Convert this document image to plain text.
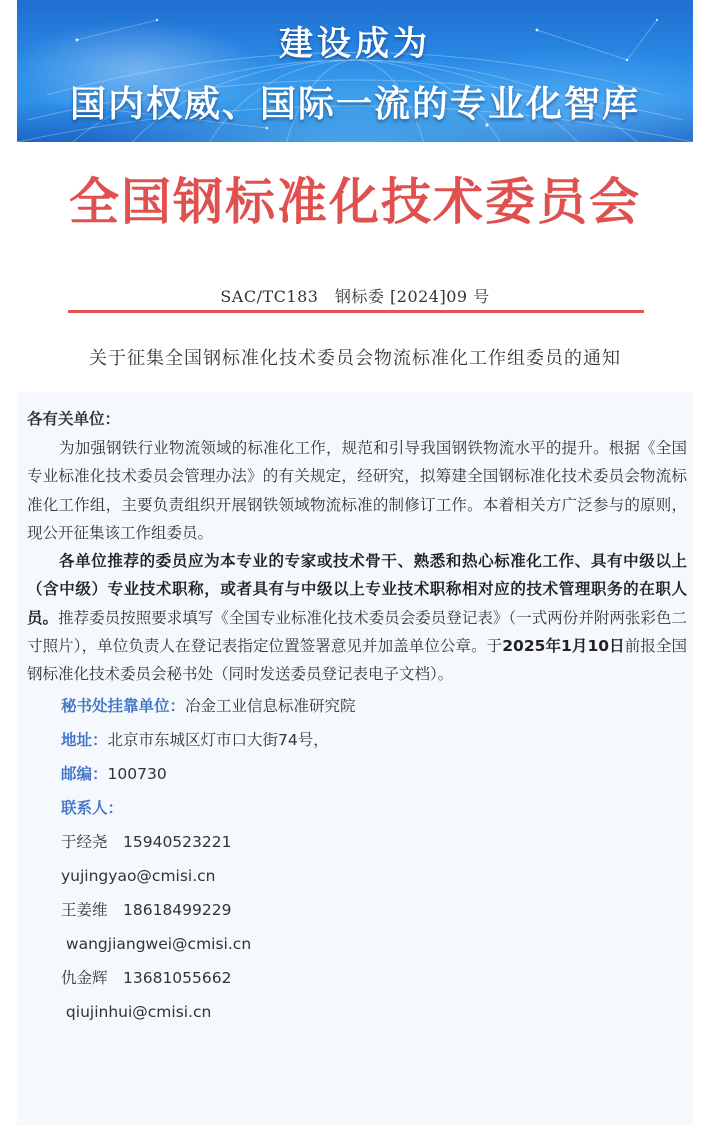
建设成为
国内权威、国际一流的专业化智库
全国钢标准化技术委员会
SAC/TC183　钢标委 [2024]09 号
关于征集全国钢标准化技术委员会物流标准化工作组委员的通知
各有关单位：

为加强钢铁行业物流领域的标准化工作，规范和引导我国钢铁物流水平的提升。根据《全国专业标准化技术委员会管理办法》的有关规定，经研究，拟筹建全国钢标准化技术委员会物流标准化工作组，主要负责组织开展钢铁领域物流标准的制修订工作。本着相关方广泛参与的原则，现公开征集该工作组委员。

各单位推荐的委员应为本专业的专家或技术骨干、熟悉和热心标准化工作、具有中级以上（含中级）专业技术职称，或者具有与中级以上专业技术职称相对应的技术管理职务的在职人员。推荐委员按照要求填写《全国专业标准化技术委员会委员登记表》（一式两份并附两张彩色二寸照片），单位负责人在登记表指定位置签署意见并加盖单位公章。于2025年1月10日前报全国钢标准化技术委员会秘书处（同时发送委员登记表电子文档）。

秘书处挂靠单位：冶金工业信息标准研究院
地址：北京市东城区灯市口大街74号，
邮编：100730
联系人：
于经尧　15940523221
yujingyao@cmisi.cn
王姜维　18618499229
wangjiangwei@cmisi.cn
仇金辉　13681055662
qiujinhui@cmisi.cn
